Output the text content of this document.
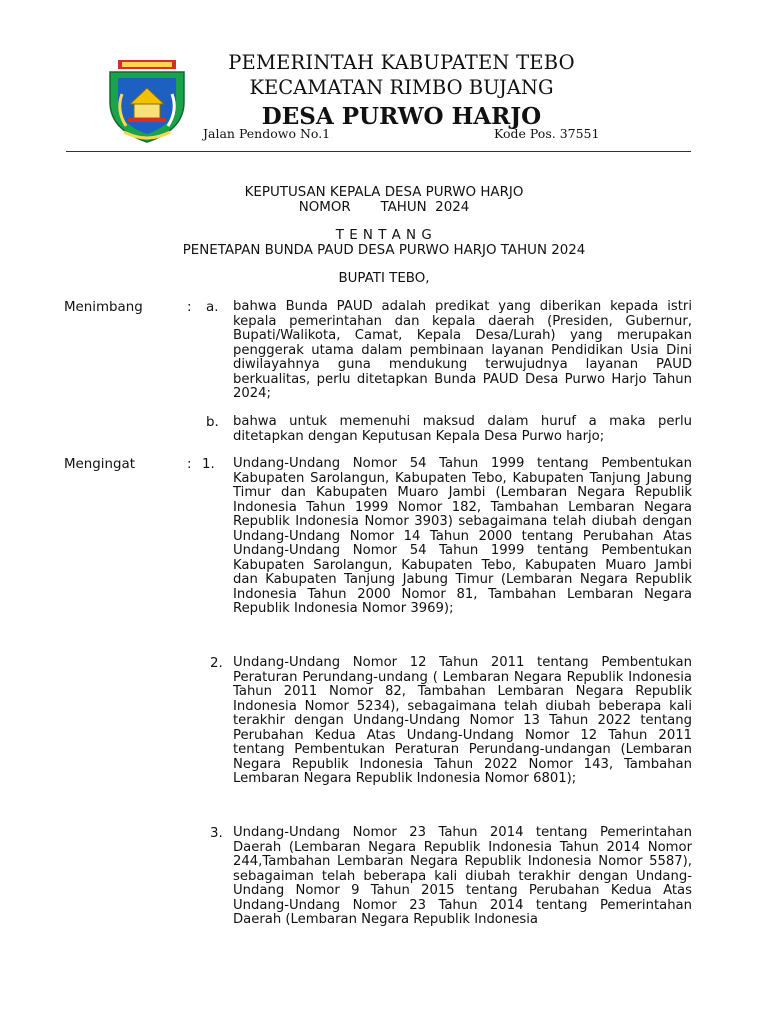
PEMERINTAH KABUPATEN TEBO
KECAMATAN RIMBO BUJANG
DESA PURWO HARJO
Jalan Pendowo No.1	Kode Pos. 37551
KEPUTUSAN KEPALA DESA PURWO HARJO
NOMOR       TAHUN  2024
T E N T A N G
PENETAPAN BUNDA PAUD DESA PURWO HARJO TAHUN 2024
BUPATI TEBO,
Menimbang	: a. bahwa Bunda PAUD adalah predikat yang diberikan kepada istri kepala pemerintahan dan kepala daerah (Presiden, Gubernur, Bupati/Walikota, Camat, Kepala Desa/Lurah) yang merupakan penggerak utama dalam pembinaan layanan Pendidikan Usia Dini diwilayahnya guna mendukung terwujudnya layanan PAUD berkualitas, perlu ditetapkan Bunda PAUD Desa Purwo Harjo Tahun 2024;
b. bahwa untuk memenuhi maksud dalam huruf a maka perlu ditetapkan dengan Keputusan Kepala Desa Purwo harjo;
Mengingat	: 1. Undang-Undang Nomor 54 Tahun 1999 tentang Pembentukan Kabupaten Sarolangun, Kabupaten Tebo, Kabupaten Tanjung Jabung Timur dan Kabupaten Muaro Jambi (Lembaran Negara Republik Indonesia Tahun 1999 Nomor 182, Tambahan Lembaran Negara Republik Indonesia Nomor 3903) sebagaimana telah diubah dengan Undang-Undang Nomor 14 Tahun 2000 tentang Perubahan Atas Undang-Undang Nomor 54 Tahun 1999 tentang Pembentukan Kabupaten Sarolangun, Kabupaten Tebo, Kabupaten Muaro Jambi dan Kabupaten Tanjung Jabung Timur (Lembaran Negara Republik Indonesia Tahun 2000 Nomor 81, Tambahan Lembaran Negara Republik Indonesia Nomor 3969);
2. Undang-Undang Nomor 12 Tahun 2011 tentang Pembentukan Peraturan Perundang-undang ( Lembaran Negara Republik Indonesia Tahun 2011 Nomor 82, Tambahan Lembaran Negara Republik Indonesia Nomor 5234), sebagaimana telah diubah beberapa kali terakhir dengan Undang-Undang Nomor 13 Tahun 2022 tentang Perubahan Kedua Atas Undang-Undang Nomor 12 Tahun 2011 tentang Pembentukan Peraturan Perundang-undangan (Lembaran Negara Republik Indonesia Tahun 2022 Nomor 143, Tambahan Lembaran Negara Republik Indonesia Nomor 6801);
3. Undang-Undang Nomor 23 Tahun 2014 tentang Pemerintahan Daerah (Lembaran Negara Republik Indonesia Tahun 2014 Nomor 244,Tambahan Lembaran Negara Republik Indonesia Nomor 5587), sebagaiman telah beberapa kali diubah terakhir dengan Undang-Undang Nomor 9 Tahun 2015 tentang Perubahan Kedua Atas Undang-Undang Nomor 23 Tahun 2014 tentang Pemerintahan Daerah (Lembaran Negara Republik Indonesia
